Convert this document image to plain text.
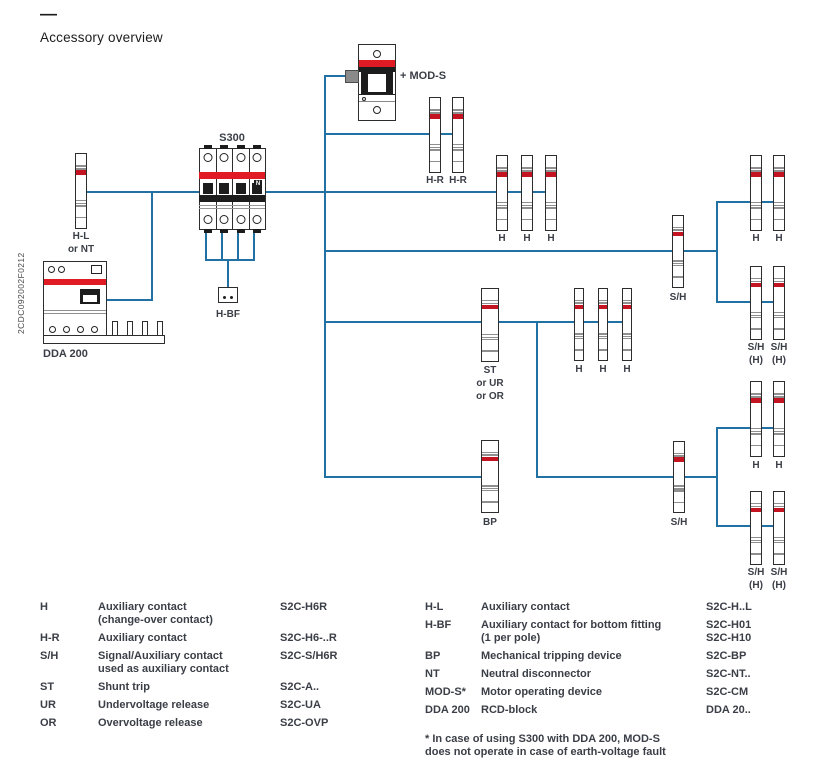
—
Accessory overview
2CDC092002F0212
N
S300
+ MOD-S
H-L
or NT
H-R H-R
H	H	H
S/H
H	H
S/H
(H)
S/H
(H)
ST
or UR
or OR
H	H	H
BP	S/H
H	H
S/H
(H)
S/H
(H)
H-BF
DDA 200
H	Auxiliary contact
(change-over contact)
S2C-H6R
H-R	Auxiliary contact	S2C-H6-..R
S/H	Signal/Auxiliary contact
used as auxiliary contact
S2C-S/H6R
ST	Shunt trip	S2C-A..
UR	Undervoltage release	S2C-UA
OR	Overvoltage release	S2C-OVP
H-L	Auxiliary contact	S2C-H..L
H-BF	Auxiliary contact for bottom fitting
(1 per pole)
S2C-H01
S2C-H10
BP	Mechanical tripping device	S2C-BP
NT	Neutral disconnector	S2C-NT..
MOD-S*	Motor operating device	S2C-CM
DDA 200	RCD-block	DDA 20..
* In case of using S300 with DDA 200, MOD-S
does not operate in case of earth-voltage fault
